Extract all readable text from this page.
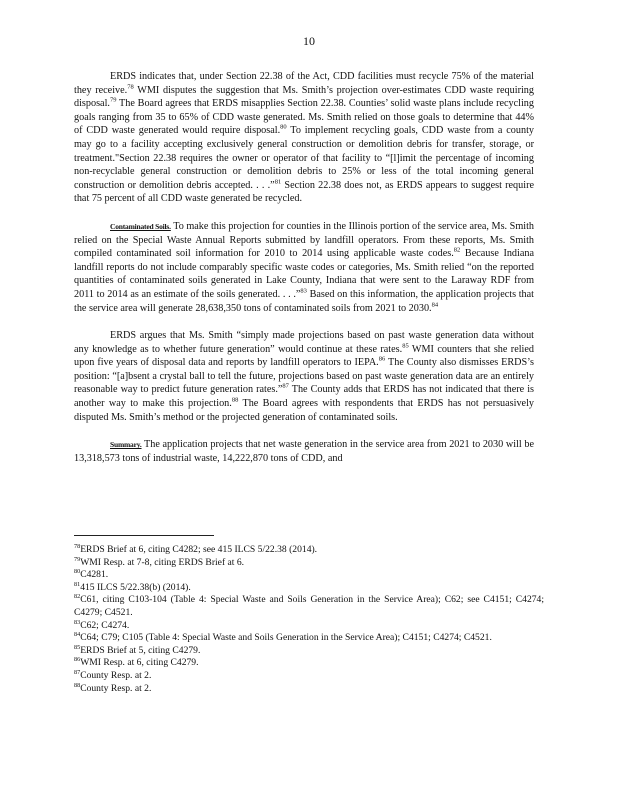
10

ERDS indicates that, under Section 22.38 of the Act, CDD facilities must recycle 75% of the material they receive.$^{78}$ WMI disputes the suggestion that Ms. Smith’s projection over-estimates CDD waste requiring disposal.$^{79}$ The Board agrees that ERDS misapplies Section 22.38. Counties’ solid waste plans include recycling goals ranging from 35 to 65% of CDD waste generated. Ms. Smith relied on those goals to determine that 44% of CDD waste generated would require disposal.$^{80}$ To implement recycling goals, CDD waste from a county may go to a facility accepting exclusively general construction or demolition debris for transfer, storage, or treatment."Section 22.38 requires the owner or operator of that facility to “[l]imit the percentage of incoming non-recyclable general construction or demolition debris to 25% or less of the total incoming general construction or demolition debris accepted. . . .”$^{81}$ Section 22.38 does not, as ERDS appears to suggest require that 75 percent of all CDD waste generated be recycled.

Contaminated Soils. To make this projection for counties in the Illinois portion of the service area, Ms. Smith relied on the Special Waste Annual Reports submitted by landfill operators. From these reports, Ms. Smith compiled contaminated soil information for 2010 to 2014 using applicable waste codes.$^{82}$ Because Indiana landfill reports do not include comparably specific waste codes or categories, Ms. Smith relied “on the reported quantities of contaminated soils generated in Lake County, Indiana that were sent to the Laraway RDF from 2011 to 2014 as an estimate of the soils generated. . . .”$^{83}$ Based on this information, the application projects that the service area will generate 28,638,350 tons of contaminated soils from 2021 to 2030.84

ERDS argues that Ms. Smith “simply made projections based on past waste generation data without any knowledge as to whether future generation” would continue at these rates.$^{85}$ WMI counters that she relied upon five years of disposal data and reports by landfill operators to IEPA.$^{86}$ The County also dismisses ERDS’s position: “[a]bsent a crystal ball to tell the future, projections based on past waste generation data are an entirely reasonable way to predict future generation rates.”$^{87}$ The County adds that ERDS has not indicated that there is another way to make this projection.$^{88}$ The Board agrees with respondents that ERDS has not persuasively disputed Ms. Smith’s method or the projected generation of contaminated soils.

Summary. The application projects that net waste generation in the service area from 2021 to 2030 will be 13,318,573 tons of industrial waste, 14,222,870 tons of CDD, and

$^{78}$ERDS Brief at 6, citing C4282; see 415 ILCS 5/22.38 (2014).

$^{79}$WMI Resp. at 7-8, citing ERDS Brief at 6.

$^{80}$C4281.

$^{81}$415 ILCS 5/22.38(b) (2014).

$^{82}$C61, citing C103-104 (Table 4: Special Waste and Soils Generation in the Service Area); C62; see C4151; C4274; C4279; C4521.

$^{83}$C62; C4274.

$^{84}$C64; C79; C105 (Table 4: Special Waste and Soils Generation in the Service Area); C4151; C4274; C4521.

$^{85}$ERDS Brief at 5, citing C4279.

$^{86}$WMI Resp. at 6, citing C4279.

$^{87}$County Resp. at 2.

$^{88}$County Resp. at 2.
